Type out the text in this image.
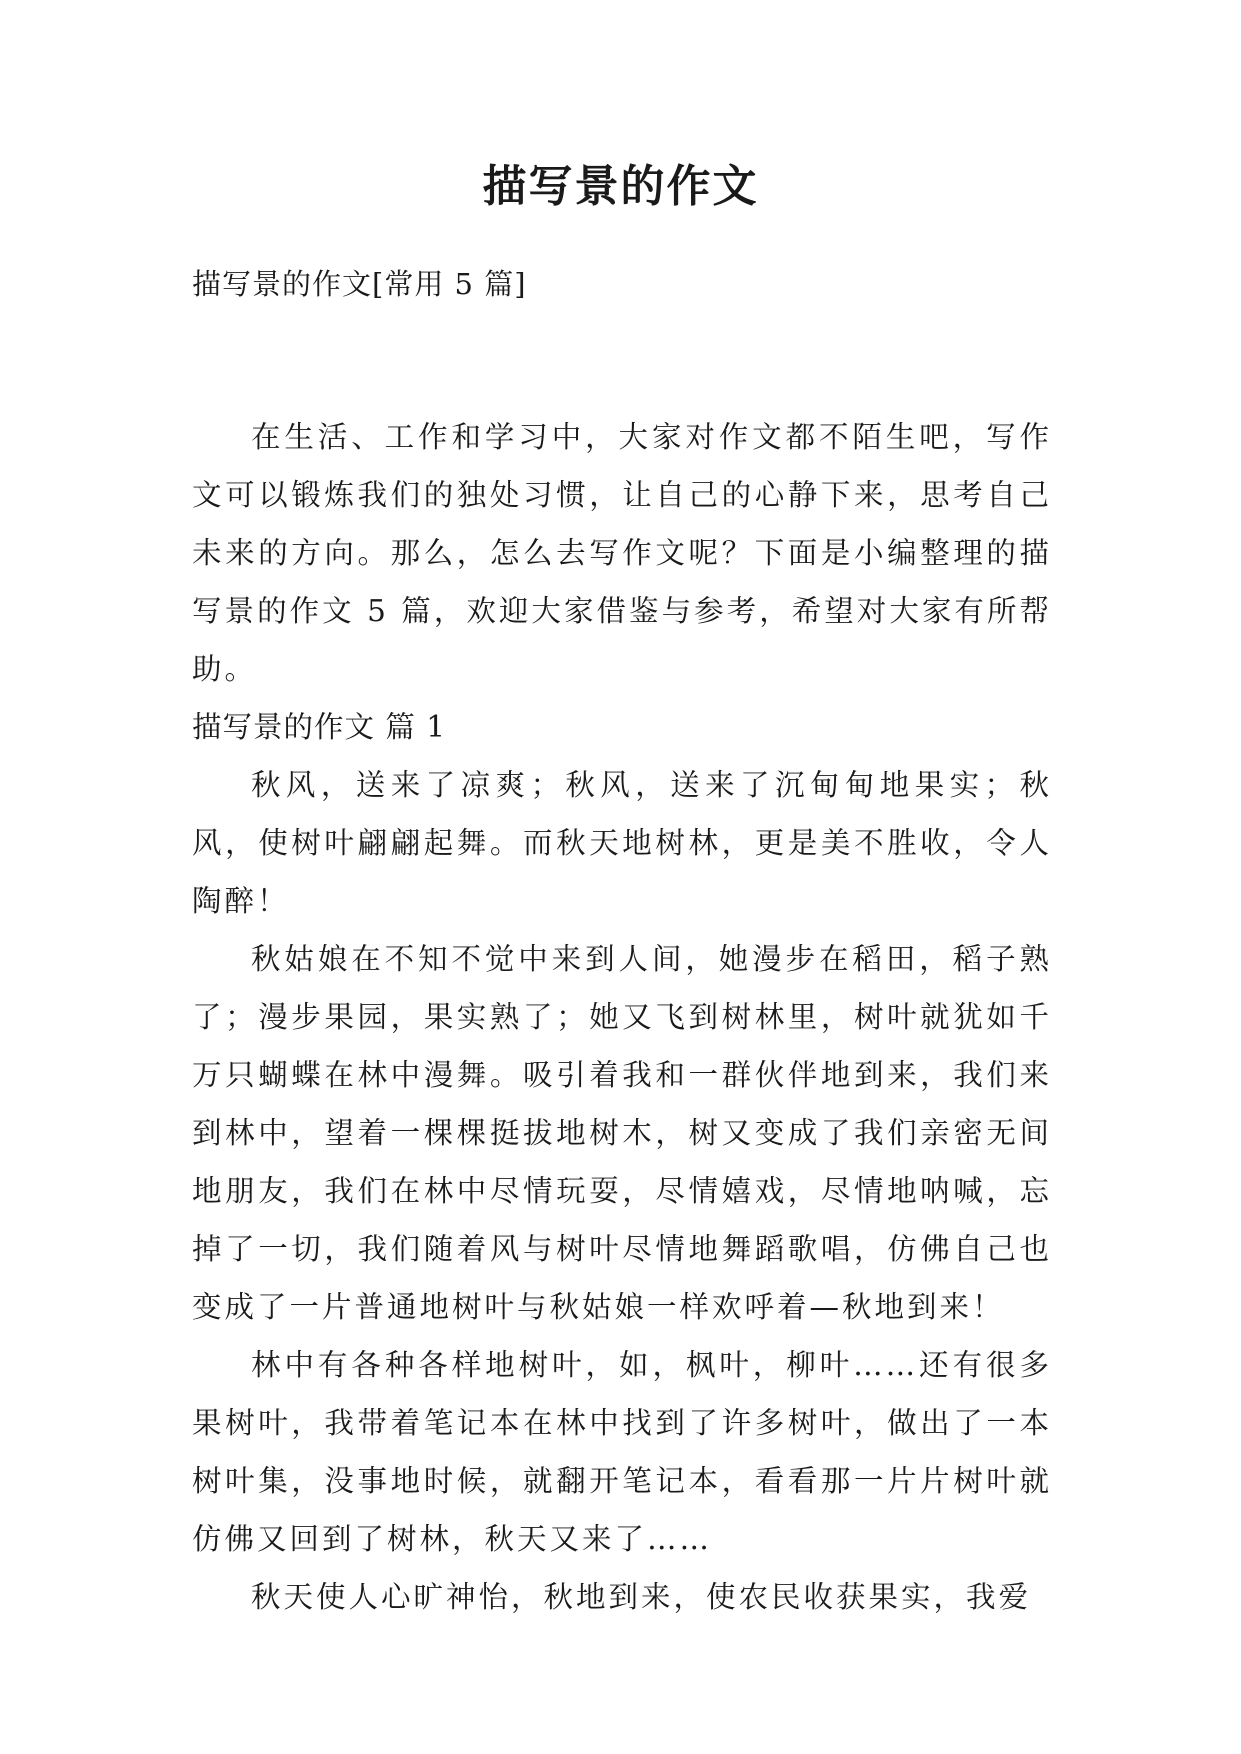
描写景的作文

描写景的作文[常用 5 篇]

在生活、工作和学习中，大家对作文都不陌生吧，写作文可以锻炼我们的独处习惯，让自己的心静下来，思考自己未来的方向。那么，怎么去写作文呢？下面是小编整理的描写景的作文 5 篇，欢迎大家借鉴与参考，希望对大家有所帮助。

描写景的作文 篇 1

秋风，送来了凉爽；秋风，送来了沉甸甸地果实；秋风，使树叶翩翩起舞。而秋天地树林，更是美不胜收，令人陶醉！

秋姑娘在不知不觉中来到人间，她漫步在稻田，稻子熟了；漫步果园，果实熟了；她又飞到树林里，树叶就犹如千万只蝴蝶在林中漫舞。吸引着我和一群伙伴地到来，我们来到林中，望着一棵棵挺拔地树木，树又变成了我们亲密无间地朋友，我们在林中尽情玩耍，尽情嬉戏，尽情地呐喊，忘掉了一切，我们随着风与树叶尽情地舞蹈歌唱，仿佛自己也变成了一片普通地树叶与秋姑娘一样欢呼着—秋地到来！

林中有各种各样地树叶，如，枫叶，柳叶……还有很多果树叶，我带着笔记本在林中找到了许多树叶，做出了一本树叶集，没事地时候，就翻开笔记本，看看那一片片树叶就仿佛又回到了树林，秋天又来了……

秋天使人心旷神怡，秋地到来，使农民收获果实，我爱
